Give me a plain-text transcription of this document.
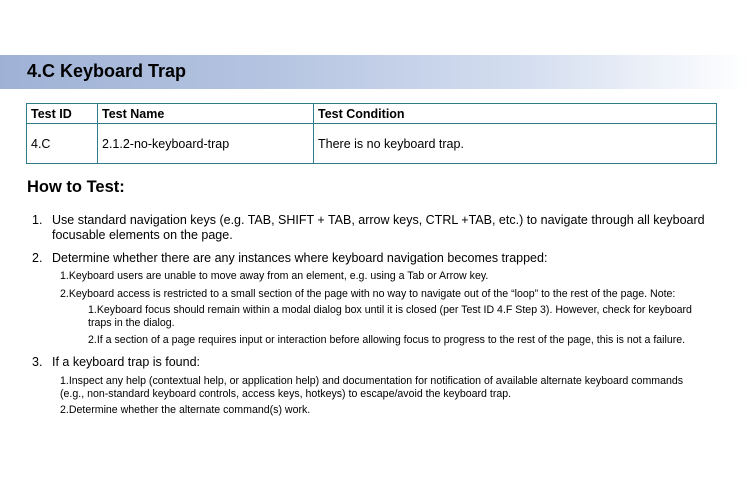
4.C Keyboard Trap
Test ID	Test Name	Test Condition
4.C	2.1.2-no-keyboard-trap	There is no keyboard trap.
How to Test:
1. Use standard navigation keys (e.g. TAB, SHIFT + TAB, arrow keys, CTRL +TAB, etc.) to navigate through all keyboard focusable elements on the page.
2. Determine whether there are any instances where keyboard navigation becomes trapped:
1.Keyboard users are unable to move away from an element, e.g. using a Tab or Arrow key.
2.Keyboard access is restricted to a small section of the page with no way to navigate out of the “loop” to the rest of the page. Note:
1.Keyboard focus should remain within a modal dialog box until it is closed (per Test ID 4.F Step 3). However, check for keyboard traps in the dialog.
2.If a section of a page requires input or interaction before allowing focus to progress to the rest of the page, this is not a failure.
3. If a keyboard trap is found:
1.Inspect any help (contextual help, or application help) and documentation for notification of available alternate keyboard commands (e.g., non-standard keyboard controls, access keys, hotkeys) to escape/avoid the keyboard trap.
2.Determine whether the alternate command(s) work.
